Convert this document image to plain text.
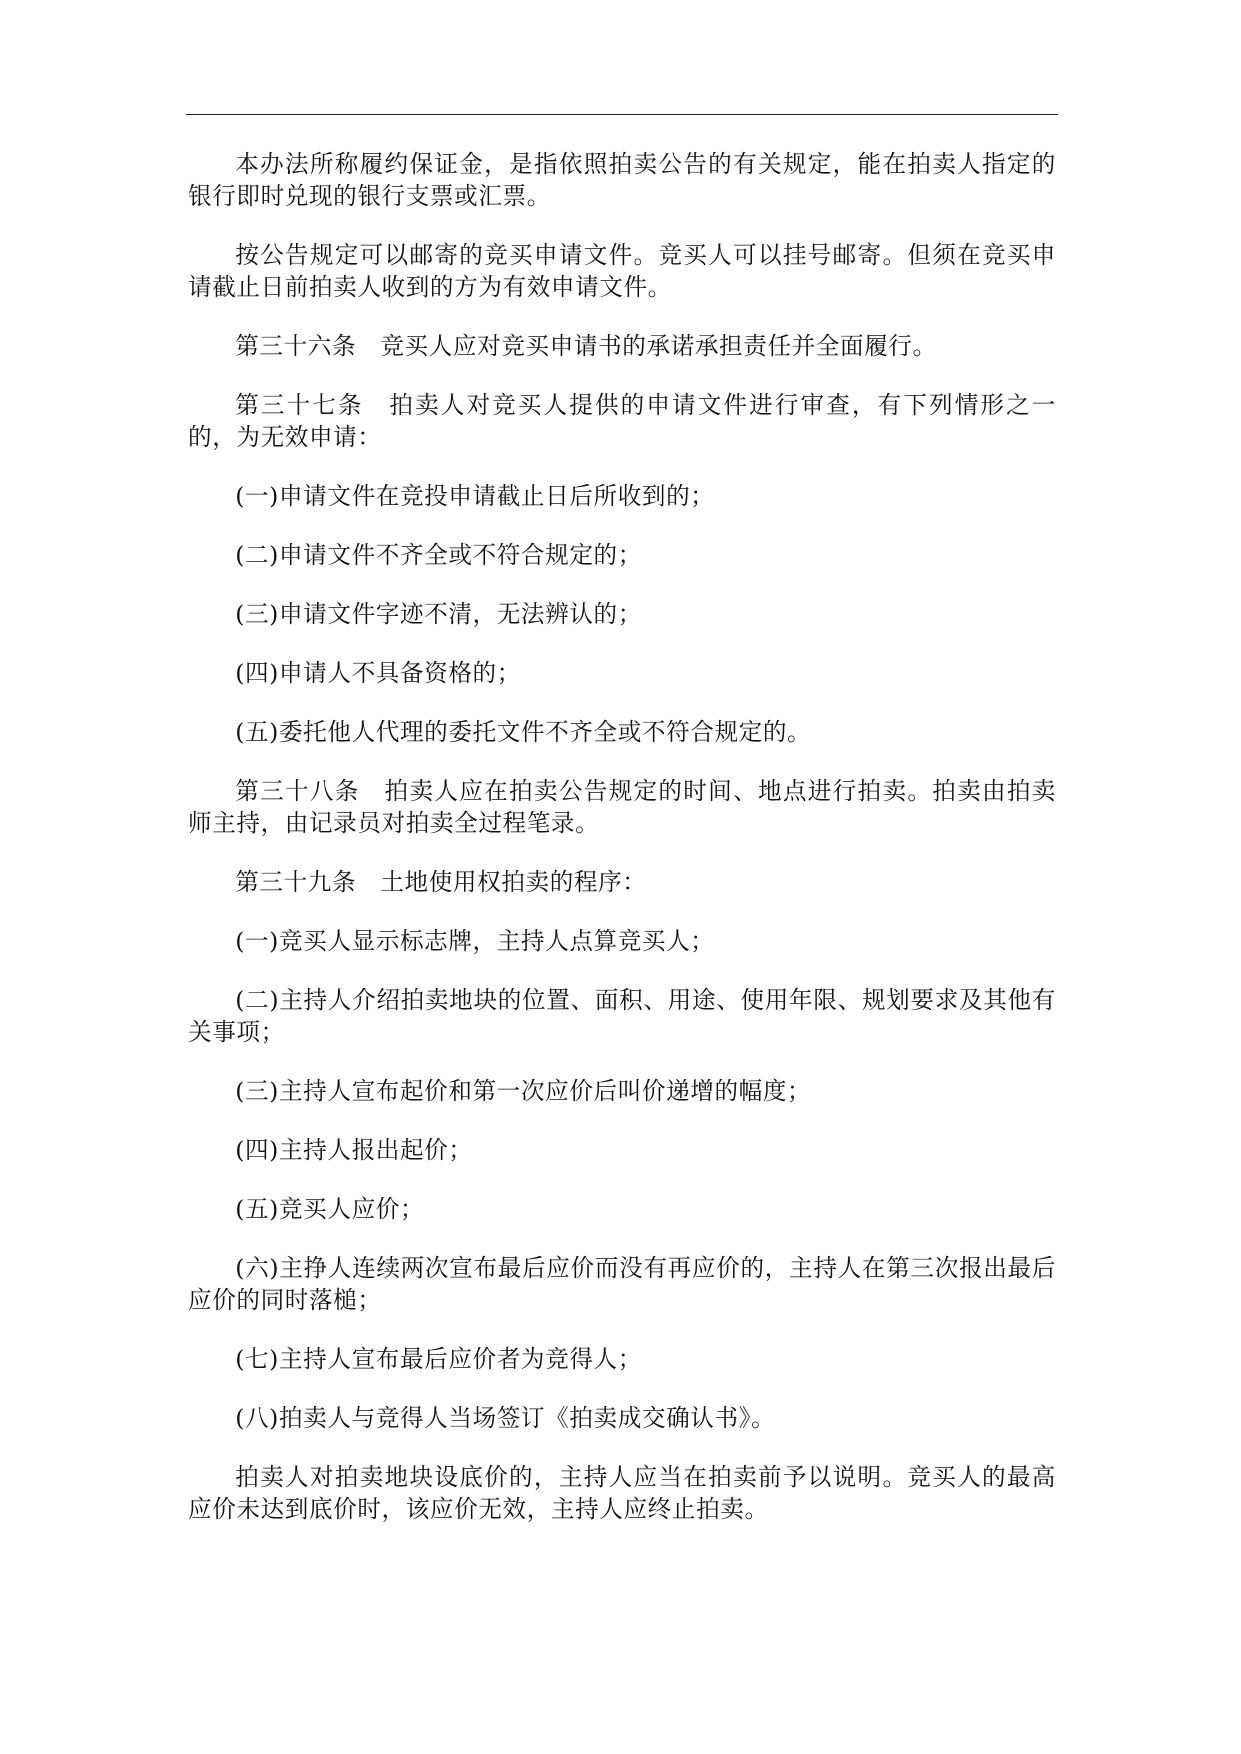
本办法所称履约保证金，是指依照拍卖公告的有关规定，能在拍卖人指定的银行即时兑现的银行支票或汇票。

按公告规定可以邮寄的竞买申请文件。竞买人可以挂号邮寄。但须在竞买申请截止日前拍卖人收到的方为有效申请文件。

第三十六条　竞买人应对竞买申请书的承诺承担责任并全面履行。

第三十七条　拍卖人对竞买人提供的申请文件进行审查，有下列情形之一的，为无效申请：

(一)申请文件在竞投申请截止日后所收到的；

(二)申请文件不齐全或不符合规定的；

(三)申请文件字迹不清，无法辨认的；

(四)申请人不具备资格的；

(五)委托他人代理的委托文件不齐全或不符合规定的。

第三十八条　拍卖人应在拍卖公告规定的时间、地点进行拍卖。拍卖由拍卖师主持，由记录员对拍卖全过程笔录。

第三十九条　土地使用权拍卖的程序：

(一)竞买人显示标志牌，主持人点算竞买人；

(二)主持人介绍拍卖地块的位置、面积、用途、使用年限、规划要求及其他有关事项；

(三)主持人宣布起价和第一次应价后叫价递增的幅度；

(四)主持人报出起价；

(五)竞买人应价；

(六)主挣人连续两次宣布最后应价而没有再应价的，主持人在第三次报出最后应价的同时落槌；

(七)主持人宣布最后应价者为竞得人；

(八)拍卖人与竞得人当场签订《拍卖成交确认书》。

拍卖人对拍卖地块设底价的，主持人应当在拍卖前予以说明。竞买人的最高应价未达到底价时，该应价无效，主持人应终止拍卖。
